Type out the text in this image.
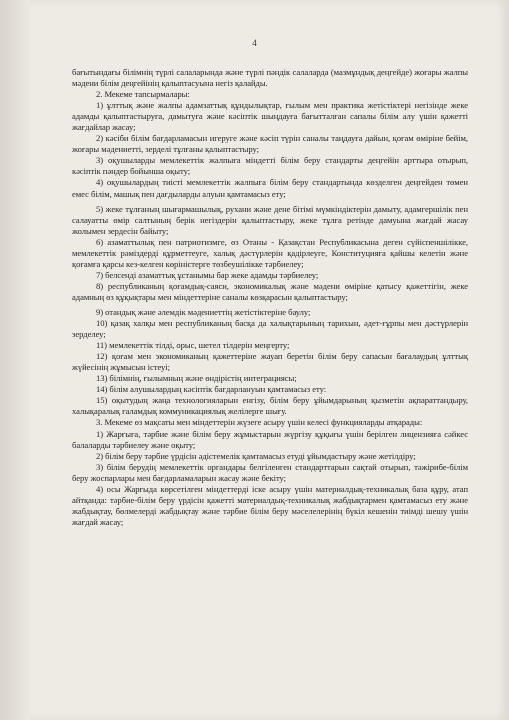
4

бағытындағы білімнің түрлі салаларында және түрлі пәндік салаларда (мазмұндық деңгейде) жоғары жалпы мәдени білім деңгейінің қалыптасуына негіз қалайды.

2. Мекеме тапсырмалары:

1) ұлттық және жалпы адамзаттық құндылықтар, ғылым мен практика жетістіктері негізінде жеке адамды қалыптастыруға, дамытуға және кәсіптік шыңдауға бағытталған сапалы білім алу үшін қажетті жағдайлар жасау;

2) кәсіби білім бағдарламасын игеруге және кәсіп түрін саналы таңдауға дайын, қоғам өміріне бейім, жоғары мәдениетті, зерделі тұлғаны қалыптастыру;

3) оқушыларды мемлекеттік жалпыға міндетті білім беру стандарты деңгейін арттыра отырып, кәсіптік пәндер бойынша оқыту;

4) оқушылардың тиісті мемлекеттік жалпыға білім беру стандартында көзделген деңгейден төмен емес білім, машық пен дағдыларды алуын қамтамасыз ету;

5) жеке тұлғаның шығармашылық, рухани және дене бітімі мүмкіндіктерін дамыту, адамгершілік пен салауатты өмір салтының берік негіздерін қалыптастыру, жеке тұлға ретінде дамуына жағдай жасау жолымен зердесін байыту;

6) азаматтылық пен патриотизмге, өз Отаны - Қазақстан Республикасына деген сүйіспеншілікке, мемлекеттік рәміздерді құрметтеуге, халық дәстүрлерін қадірлеуге, Конституцияға қайшы келетін және қоғамға қарсы кез-келген көріністерге төзбеушілікке тәрбиелеу;

7) белсенді азаматтық ұстанымы бар жеке адамды тәрбиелеу;

8) республиканың қоғамдық-саяси, экономикалық және мәдени өміріне қатысу қажеттігін, жеке адамның өз құқықтары мен міндеттеріне саналы көзқарасын қалыптастыру;

9) отандық және әлемдік мәдениеттің жетістіктеріне баулу;

10) қазақ халқы мен республиканың басқа да халықтарының тарихын, әдет-ғұрпы мен дәстүрлерін зерделеу;

11) мемлекеттік тілді, орыс, шетел тілдерін меңгерту;

12) қоғам мен экономиканың қажеттеріне жауап беретін білім беру сапасын бағалаудың ұлттық жүйесінің жұмысын істеуі;

13) білімнің, ғылымның және өндірістің интеграциясы;

14) білім алушылардың кәсіптік бағдарлануын қамтамасыз ету:

15) оқытудың жаңа технологияларын енгізу, білім беру ұйымдарының қызметін ақпараттандыру, халықаралық ғаламдық коммуникациялық желілерге шығу.

3. Мекеме өз мақсаты мен міндеттерін жүзеге асыру үшін келесі функцияларды атқарады:

1) Жарғыға, тәрбие және білім беру жұмыстарын жүргізу құқығы үшін берілген лицензияға сәйкес балаларды тәрбиелеу және оқыту;

2) білім беру тәрбие үрдісін әдістемелік қамтамасыз етуді ұйымдастыру және жетілдіру;

3) білім берудің мемлекеттік органдары белгіленген стандарттарын сақтай отырып, тәжірибе-білім беру жоспарлары мен бағдарламаларын жасау және бекіту;

4) осы Жарғыда көрсетілген міндеттерді іске асыру үшін материалдық-техникалық база құру, атап айтқанда: тәрбие-білім беру үрдісін қажетті материалдық-техникалық жабдықтармен қамтамасыз ету және жабдықтау, бөлмелерді жабдықтау және тәрбие білім беру мәселелерінің бүкіл кешенін тиімді шешу үшін жағдай жасау;
